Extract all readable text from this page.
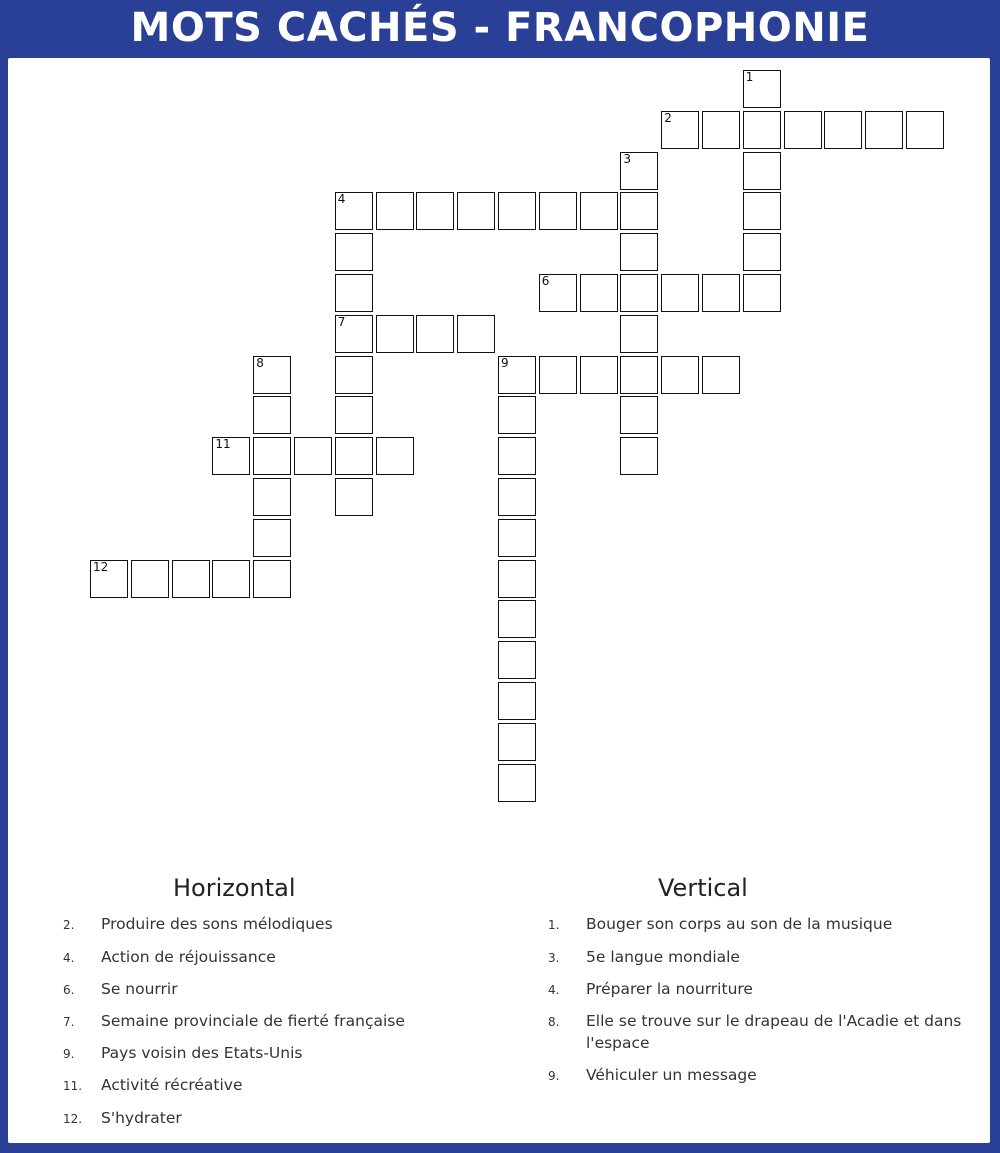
MOTS CACHÉS - FRANCOPHONIE
1
2
3
4
7
6
8	9
11
12
Horizontal	Vertical
2. Produire des sons mélodiques
4. Action de réjouissance
6. Se nourrir
7. Semaine provinciale de fierté française
9. Pays voisin des Etats-Unis
11. Activité récréative
12. S'hydrater
1. Bouger son corps au son de la musique
3. 5e langue mondiale
4. Préparer la nourriture
8. Elle se trouve sur le drapeau de l'Acadie et dans l'espace
9. Véhiculer un message
